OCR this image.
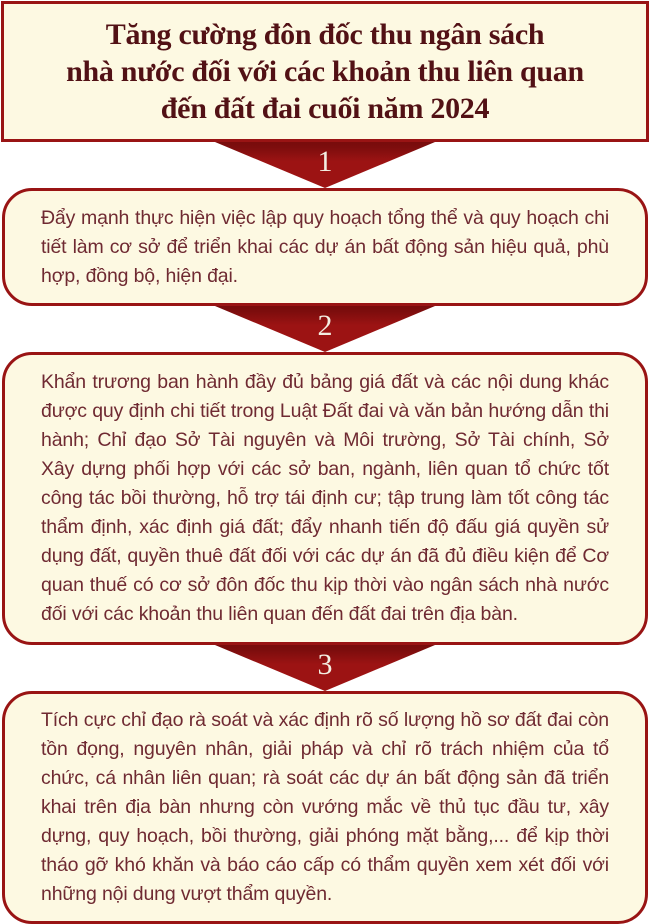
Tăng cường đôn đốc thu ngân sách
nhà nước đối với các khoản thu liên quan
đến đất đai cuối năm 2024
1

Đẩy mạnh thực hiện việc lập quy hoạch tổng thể và quy hoạch chi tiết làm cơ sở để triển khai các dự án bất động sản hiệu quả, phù hợp, đồng bộ, hiện đại.

2

Khẩn trương ban hành đầy đủ bảng giá đất và các nội dung khác được quy định chi tiết trong Luật Đất đai và văn bản hướng dẫn thi hành; Chỉ đạo Sở Tài nguyên và Môi trường, Sở Tài chính, Sở Xây dựng phối hợp với các sở ban, ngành, liên quan tổ chức tốt công tác bồi thường, hỗ trợ tái định cư; tập trung làm tốt công tác thẩm định, xác định giá đất; đẩy nhanh tiến độ đấu giá quyền sử dụng đất, quyền thuê đất đối với các dự án đã đủ điều kiện để Cơ quan thuế có cơ sở đôn đốc thu kịp thời vào ngân sách nhà nước đối với các khoản thu liên quan đến đất đai trên địa bàn.

3

Tích cực chỉ đạo rà soát và xác định rõ số lượng hồ sơ đất đai còn tồn đọng, nguyên nhân, giải pháp và chỉ rõ trách nhiệm của tổ chức, cá nhân liên quan; rà soát các dự án bất động sản đã triển khai trên địa bàn nhưng còn vướng mắc về thủ tục đầu tư, xây dựng, quy hoạch, bồi thường, giải phóng mặt bằng,... để kịp thời tháo gỡ khó khăn và báo cáo cấp có thẩm quyền xem xét đối với những nội dung vượt thẩm quyền.
